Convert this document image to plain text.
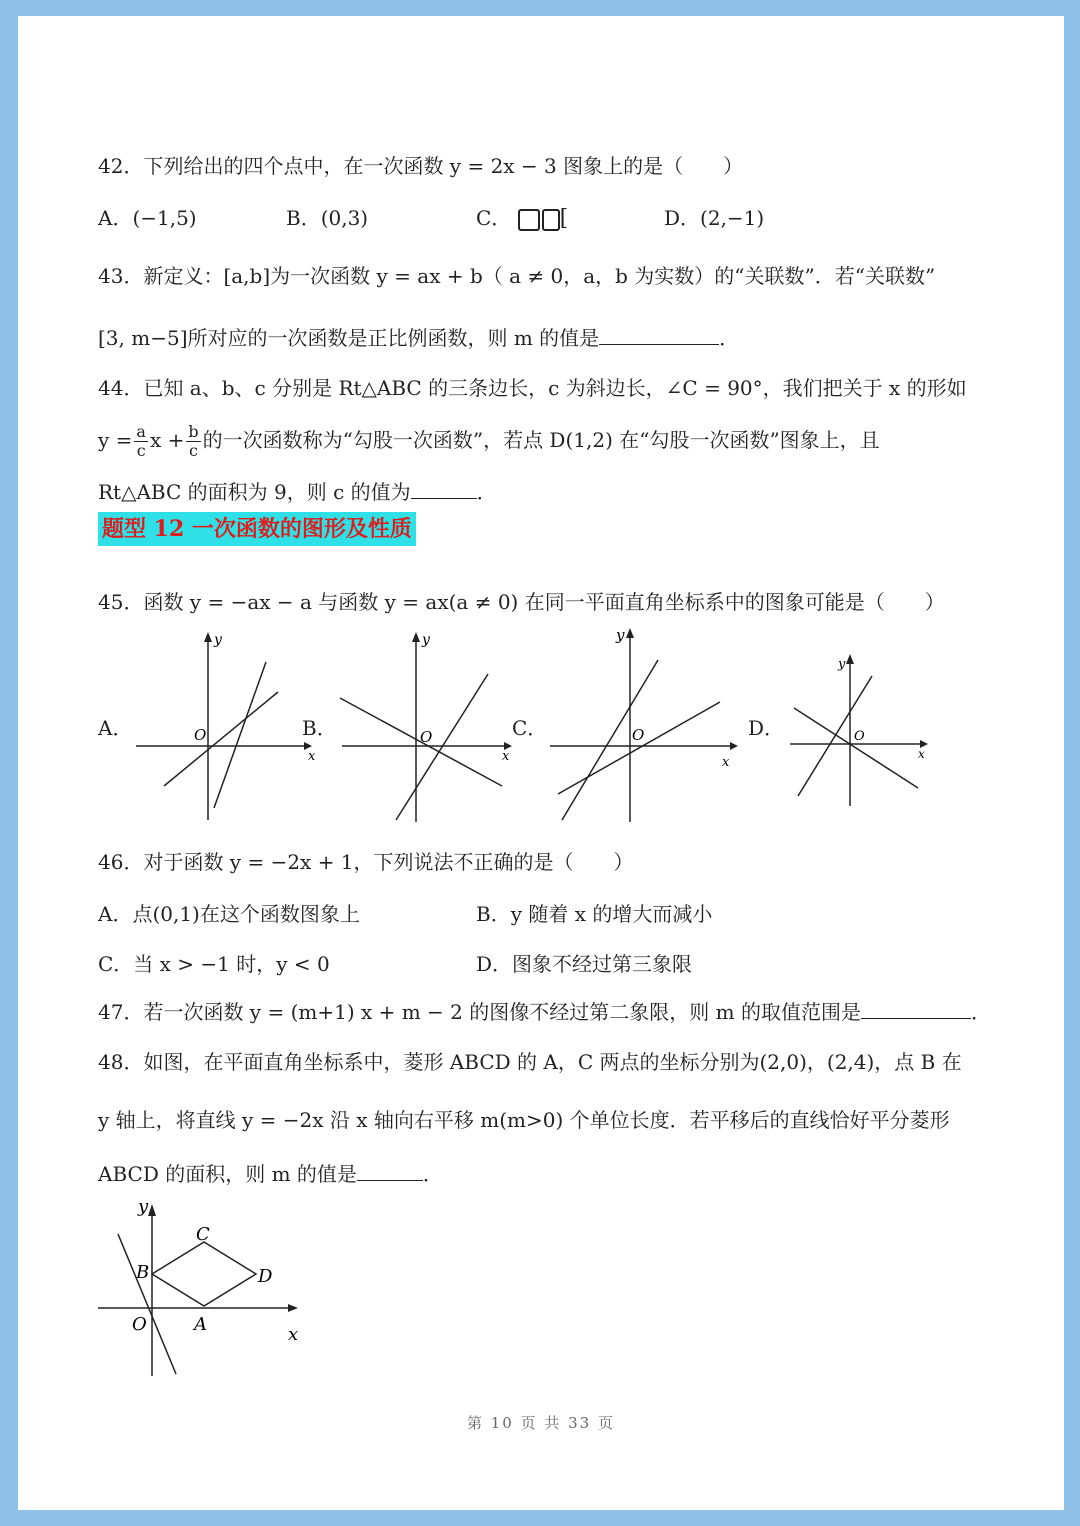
42．下列给出的四个点中，在一次函数 y = 2x − 3 图象上的是（　　）
A．(−1,5)	B．(0,3)	C． [	D．(2,−1)
43．新定义：[a,b]为一次函数 y = ax + b（ a ≠ 0，a，b 为实数）的“关联数”．若“关联数”
[3, m−5]所对应的一次函数是正比例函数，则 m 的值是	．
44．已知 a、b、c 分别是 Rt△ABC 的三条边长，c 为斜边长，∠C = 90°，我们把关于 x 的形如
$y = \frac{a}{c}$ $x + \frac{b}{c}$ 的一次函数称为“勾股一次函数”，若点 D(1,2) 在“勾股一次函数”图象上，且
Rt△ABC 的面积为 9，则 c 的值为	．
题型 12 一次函数的图形及性质
45．函数 y = −ax − a 与函数 y = ax(a ≠ 0) 在同一平面直角坐标系中的图象可能是（　　）
A．
y
O
x
B．
y
O
x
C．
y
O
x
D．
y
O
x
46．对于函数 y = −2x + 1，下列说法不正确的是（　　）
A．点(0,1)在这个函数图象上	B．y 随着 x 的增大而减小
C．当 x > −1 时，y < 0	D．图象不经过第三象限
47．若一次函数 y = (m+1) x + m − 2 的图像不经过第二象限，则 m 的取值范围是	．
48．如图，在平面直角坐标系中，菱形 ABCD 的 A，C 两点的坐标分别为(2,0)，(2,4)，点 B 在
y 轴上，将直线 y = −2x 沿 x 轴向右平移 m(m>0) 个单位长度．若平移后的直线恰好平分菱形
ABCD 的面积，则 m 的值是	．
y
x
O	A
B
C
D
第 10 页 共 33 页
